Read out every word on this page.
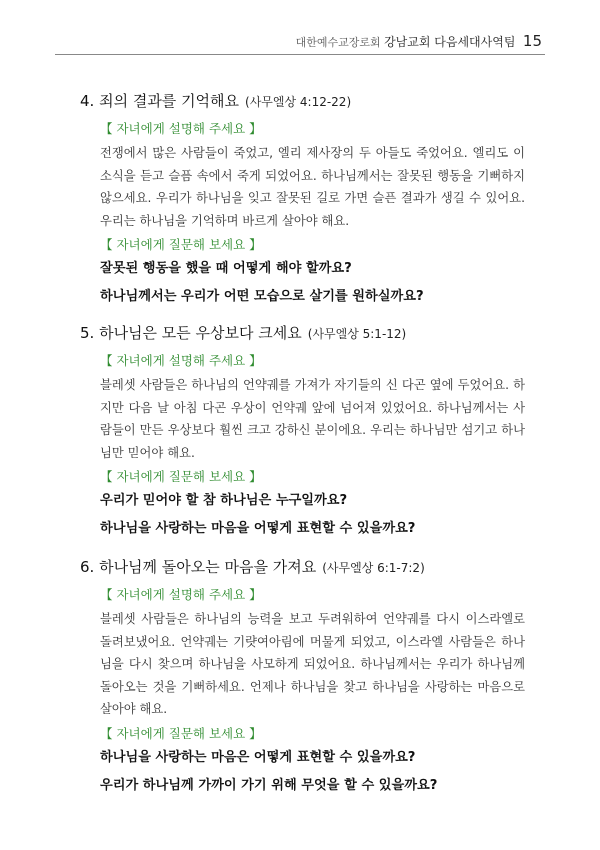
대한예수교장로회 강남교회 다음세대사역팀 15
4. 죄의 결과를 기억해요 (사무엘상 4:12-22)
【 자녀에게 설명해 주세요 】
전쟁에서 많은 사람들이 죽었고, 엘리 제사장의 두 아들도 죽었어요. 엘리도 이 소식을 듣고 슬픔 속에서 죽게 되었어요. 하나님께서는 잘못된 행동을 기뻐하지 않으세요. 우리가 하나님을 잊고 잘못된 길로 가면 슬픈 결과가 생길 수 있어요. 우리는 하나님을 기억하며 바르게 살아야 해요.
【 자녀에게 질문해 보세요 】
잘못된 행동을 했을 때 어떻게 해야 할까요?
하나님께서는 우리가 어떤 모습으로 살기를 원하실까요?
5. 하나님은 모든 우상보다 크세요 (사무엘상 5:1-12)
【 자녀에게 설명해 주세요 】
블레셋 사람들은 하나님의 언약궤를 가져가 자기들의 신 다곤 옆에 두었어요. 하지만 다음 날 아침 다곤 우상이 언약궤 앞에 넘어져 있었어요. 하나님께서는 사람들이 만든 우상보다 훨씬 크고 강하신 분이에요. 우리는 하나님만 섬기고 하나님만 믿어야 해요.
【 자녀에게 질문해 보세요 】
우리가 믿어야 할 참 하나님은 누구일까요?
하나님을 사랑하는 마음을 어떻게 표현할 수 있을까요?
6. 하나님께 돌아오는 마음을 가져요 (사무엘상 6:1-7:2)
【 자녀에게 설명해 주세요 】
블레셋 사람들은 하나님의 능력을 보고 두려워하여 언약궤를 다시 이스라엘로 돌려보냈어요. 언약궤는 기럇여아림에 머물게 되었고, 이스라엘 사람들은 하나님을 다시 찾으며 하나님을 사모하게 되었어요. 하나님께서는 우리가 하나님께 돌아오는 것을 기뻐하세요. 언제나 하나님을 찾고 하나님을 사랑하는 마음으로 살아야 해요.
【 자녀에게 질문해 보세요 】
하나님을 사랑하는 마음은 어떻게 표현할 수 있을까요?
우리가 하나님께 가까이 가기 위해 무엇을 할 수 있을까요?
